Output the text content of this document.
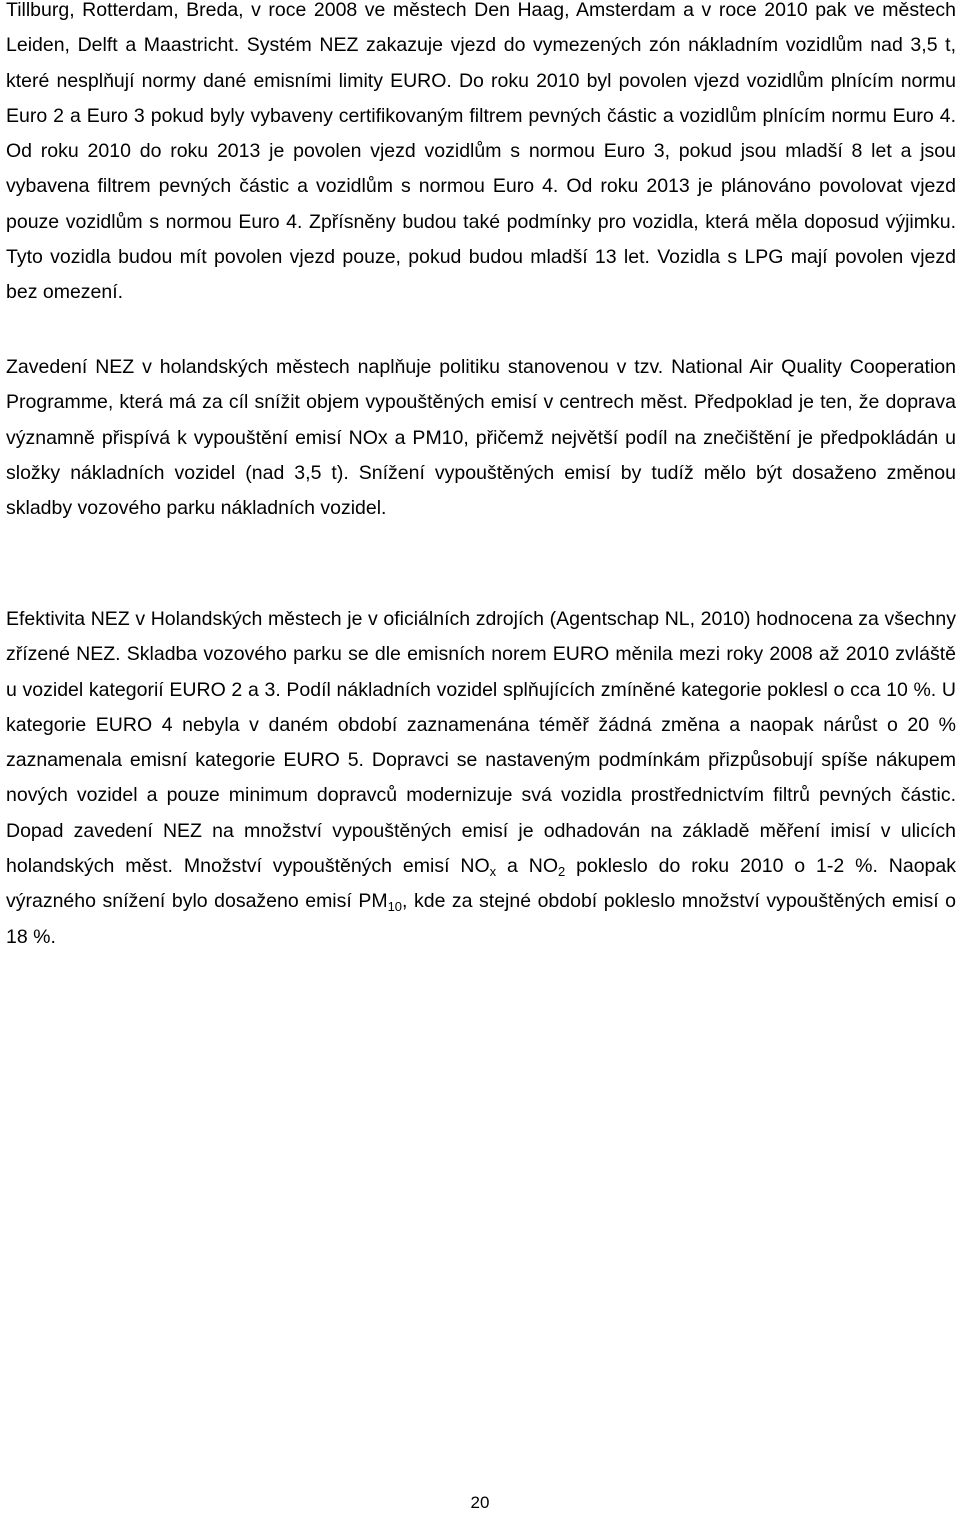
Tillburg, Rotterdam, Breda, v roce 2008 ve městech Den Haag, Amsterdam a v roce 2010 pak ve městech Leiden, Delft a Maastricht. Systém NEZ zakazuje vjezd do vymezených zón nákladním vozidlům nad 3,5 t, které nesplňují normy dané emisními limity EURO. Do roku 2010 byl povolen vjezd vozidlům plnícím normu Euro 2 a Euro 3 pokud byly vybaveny certifikovaným filtrem pevných částic a vozidlům plnícím normu Euro 4. Od roku 2010 do roku 2013 je povolen vjezd vozidlům s normou Euro 3, pokud jsou mladší 8 let a jsou vybavena filtrem pevných částic a vozidlům s normou Euro 4. Od roku 2013 je plánováno povolovat vjezd pouze vozidlům s normou Euro 4. Zpřísněny budou také podmínky pro vozidla, která měla doposud výjimku. Tyto vozidla budou mít povolen vjezd pouze, pokud budou mladší 13 let. Vozidla s LPG mají povolen vjezd bez omezení.

Zavedení NEZ v holandských městech naplňuje politiku stanovenou v tzv. National Air Quality Cooperation Programme, která má za cíl snížit objem vypouštěných emisí v centrech měst. Předpoklad je ten, že doprava významně přispívá k vypouštění emisí NOx a PM10, přičemž největší podíl na znečištění je předpokládán u složky nákladních vozidel (nad 3,5 t). Snížení vypouštěných emisí by tudíž mělo být dosaženo změnou skladby vozového parku nákladních vozidel.

Efektivita NEZ v Holandských městech je v oficiálních zdrojích (Agentschap NL, 2010) hodnocena za všechny zřízené NEZ. Skladba vozového parku se dle emisních norem EURO měnila mezi roky 2008 až 2010 zvláště u vozidel kategorií EURO 2 a 3. Podíl nákladních vozidel splňujících zmíněné kategorie poklesl o cca 10 %. U kategorie EURO 4 nebyla v daném období zaznamenána téměř žádná změna a naopak nárůst o 20 % zaznamenala emisní kategorie EURO 5. Dopravci se nastaveným podmínkám přizpůsobují spíše nákupem nových vozidel a pouze minimum dopravců modernizuje svá vozidla prostřednictvím filtrů pevných částic. Dopad zavedení NEZ na množství vypouštěných emisí je odhadován na základě měření imisí v ulicích holandských měst. Množství vypouštěných emisí $NO_x$ a $NO_2$ pokleslo do roku 2010 o 1-2 %. Naopak výrazného snížení bylo dosaženo emisí $PM_{10}$, kde za stejné období pokleslo množství vypouštěných emisí o 18 %.

20
